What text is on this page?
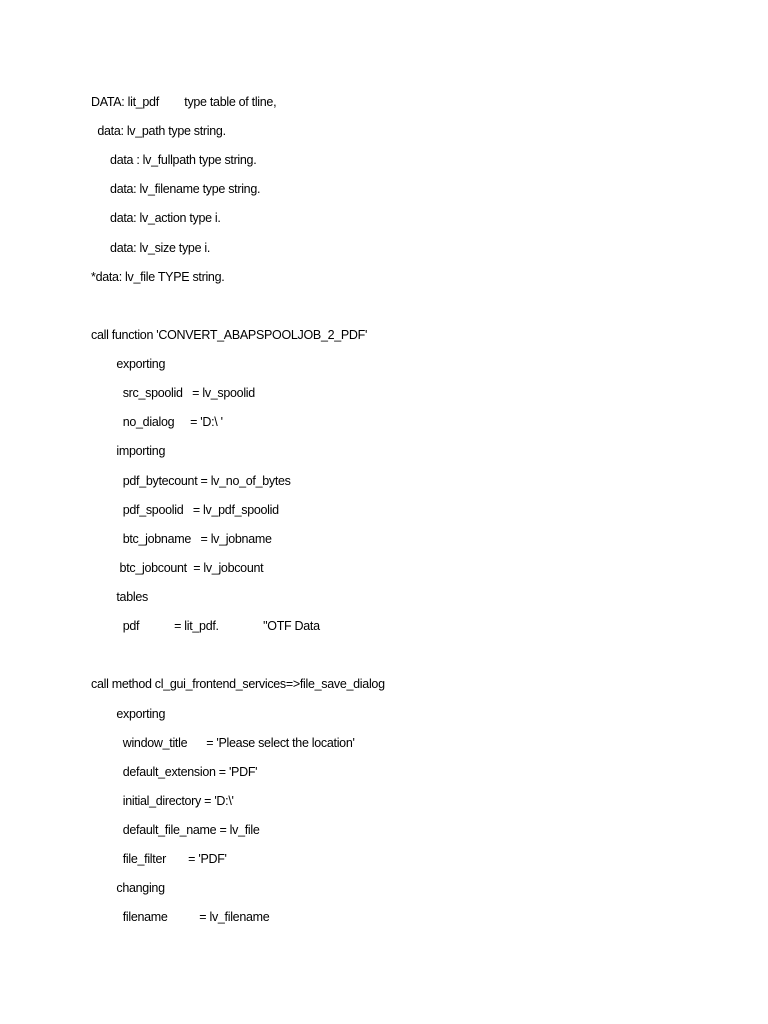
DATA: lit_pdf        type table of tline,
data: lv_path type string.
data : lv_fullpath type string.
data: lv_filename type string.
data: lv_action type i.
data: lv_size type i.
*data: lv_file TYPE string.
call function 'CONVERT_ABAPSPOOLJOB_2_PDF'
exporting
src_spoolid   = lv_spoolid
no_dialog     = 'D:\ '
importing
pdf_bytecount = lv_no_of_bytes
pdf_spoolid   = lv_pdf_spoolid
btc_jobname   = lv_jobname
btc_jobcount  = lv_jobcount
tables
pdf           = lit_pdf.              "OTF Data
call method cl_gui_frontend_services=>file_save_dialog
exporting
window_title      = 'Please select the location'
default_extension = 'PDF'
initial_directory = 'D:\'
default_file_name = lv_file
file_filter       = 'PDF'
changing
filename          = lv_filename
